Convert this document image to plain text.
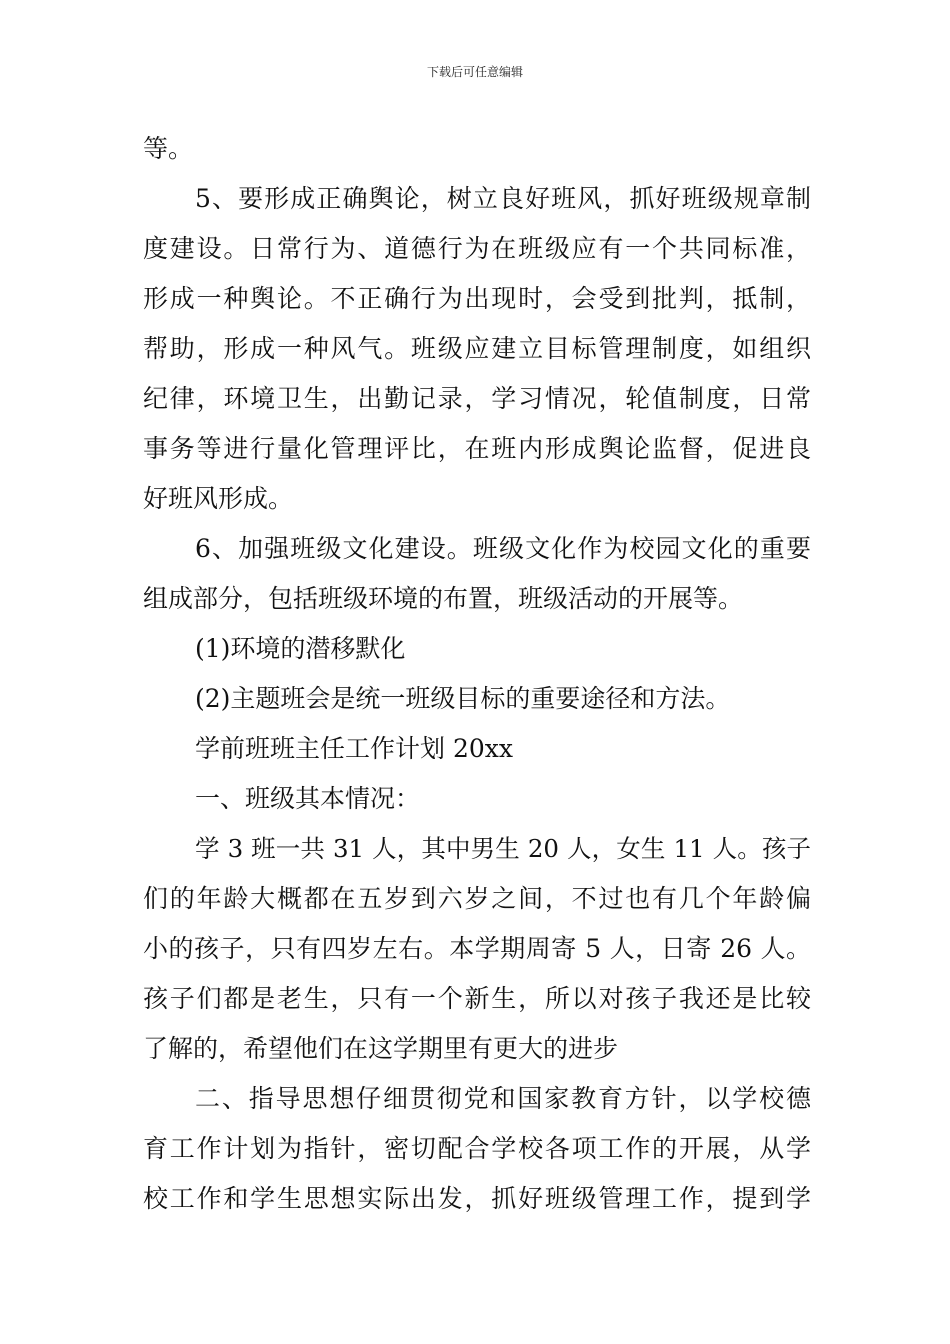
下载后可任意编辑
等。
5、要形成正确舆论，树立良好班风，抓好班级规章制
度建设。日常行为、道德行为在班级应有一个共同标准，
形成一种舆论。不正确行为出现时，会受到批判，抵制，
帮助，形成一种风气。班级应建立目标管理制度，如组织
纪律，环境卫生，出勤记录，学习情况，轮值制度，日常
事务等进行量化管理评比，在班内形成舆论监督，促进良
好班风形成。
6、加强班级文化建设。班级文化作为校园文化的重要
组成部分，包括班级环境的布置，班级活动的开展等。
(1)环境的潜移默化
(2)主题班会是统一班级目标的重要途径和方法。
学前班班主任工作计划 20xx
一、班级其本情况：
学 3 班一共 31 人，其中男生 20 人，女生 11 人。孩子
们的年龄大概都在五岁到六岁之间，不过也有几个年龄偏
小的孩子，只有四岁左右。本学期周寄 5 人，日寄 26 人。
孩子们都是老生，只有一个新生，所以对孩子我还是比较
了解的，希望他们在这学期里有更大的进步
二、指导思想仔细贯彻党和国家教育方针，以学校德
育工作计划为指针，密切配合学校各项工作的开展，从学
校工作和学生思想实际出发，抓好班级管理工作，提到学
